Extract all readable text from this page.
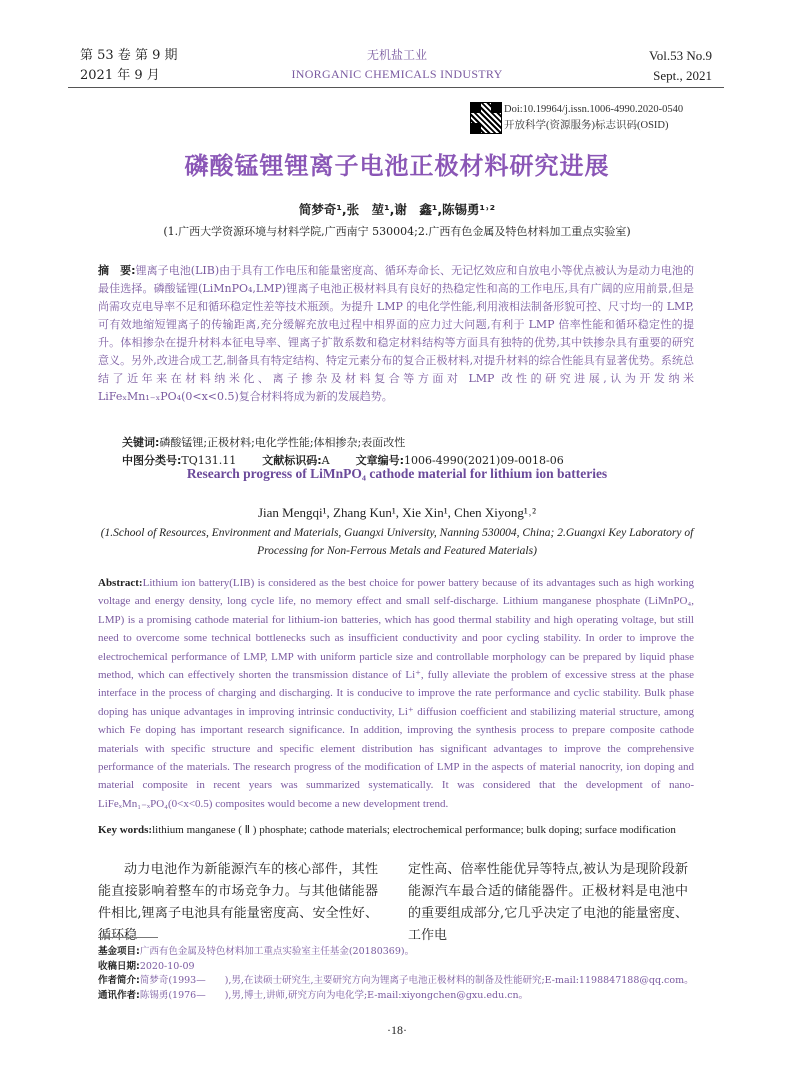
第 53 卷 第 9 期
2021 年 9 月
无机盐工业
INORGANIC CHEMICALS INDUSTRY
Vol.53 No.9
Sept., 2021
Doi:10.19964/j.issn.1006-4990.2020-0540
开放科学(资源服务)标志识码(OSID)
磷酸锰锂锂离子电池正极材料研究进展
简梦奇¹,张　堃¹,谢　鑫¹,陈锡勇¹˒²
(1.广西大学资源环境与材料学院,广西南宁 530004;2.广西有色金属及特色材料加工重点实验室)
摘　要:锂离子电池(LIB)由于具有工作电压和能量密度高、循环寿命长、无记忆效应和自放电小等优点被认为是动力电池的最佳选择。磷酸锰锂(LiMnPO₄,LMP)锂离子电池正极材料具有良好的热稳定性和高的工作电压,具有广阔的应用前景,但是尚需攻克电导率不足和循环稳定性差等技术瓶颈。为提升 LMP 的电化学性能,利用液相法制备形貌可控、尺寸均一的 LMP,可有效地缩短锂离子的传输距离,充分缓解充放电过程中相界面的应力过大问题,有利于 LMP 倍率性能和循环稳定性的提升。体相掺杂在提升材料本征电导率、锂离子扩散系数和稳定材料结构等方面具有独特的优势,其中铁掺杂具有重要的研究意义。另外,改进合成工艺,制备具有特定结构、特定元素分布的复合正极材料,对提升材料的综合性能具有显著优势。系统总结了近年来在材料纳米化、离子掺杂及材料复合等方面对 LMP 改性的研究进展,认为开发纳米 LiFeₓMn₁₋ₓPO₄(0<x<0.5)复合材料将成为新的发展趋势。
关键词:磷酸锰锂;正极材料;电化学性能;体相掺杂;表面改性
中图分类号:TQ131.11 文献标识码:A 文章编号:1006-4990(2021)09-0018-06
Research progress of LiMnPO₄ cathode material for lithium ion batteries
Jian Mengqi¹, Zhang Kun¹, Xie Xin¹, Chen Xiyong¹˒²
(1.School of Resources, Environment and Materials, Guangxi University, Nanning 530004, China; 2.Guangxi Key Laboratory of Processing for Non-Ferrous Metals and Featured Materials)
Abstract:Lithium ion battery(LIB) is considered as the best choice for power battery because of its advantages such as high working voltage and energy density, long cycle life, no memory effect and small self-discharge. Lithium manganese phosphate (LiMnPO₄, LMP) is a promising cathode material for lithium-ion batteries, which has good thermal stability and high operating voltage, but still need to overcome some technical bottlenecks such as insufficient conductivity and poor cycling stability. In order to improve the electrochemical performance of LMP, LMP with uniform particle size and controllable morphology can be prepared by liquid phase method, which can effectively shorten the transmission distance of Li⁺, fully alleviate the problem of excessive stress at the phase interface in the process of charging and discharging. It is conducive to improve the rate performance and cyclic stability. Bulk phase doping has unique advantages in improving intrinsic conductivity, Li⁺ diffusion coefficient and stabilizing material structure, among which Fe doping has important research significance. In addition, improving the synthesis process to prepare composite cathode materials with specific structure and specific element distribution has significant advantages to improve the comprehensive performance of the materials. The research progress of the modification of LMP in the aspects of material nanocrity, ion doping and material composite in recent years was summarized systematically. It was considered that the development of nano-LiFeₓMn₁₋ₓPO₄(0<x<0.5) composites would become a new development trend.
Key words:lithium manganese ( Ⅱ ) phosphate; cathode materials; electrochemical performance; bulk doping; surface modification
动力电池作为新能源汽车的核心部件，其性能直接影响着整车的市场竞争力。与其他储能器件相比,锂离子电池具有能量密度高、安全性好、循环稳
定性高、倍率性能优异等特点,被认为是现阶段新能源汽车最合适的储能器件。正极材料是电池中的重要组成部分,它几乎决定了电池的能量密度、工作电
基金项目:广西有色金属及特色材料加工重点实验室主任基金(20180369)。
收稿日期:2020-10-09
作者简介:简梦奇(1993—　　),男,在读硕士研究生,主要研究方向为锂离子电池正极材料的制备及性能研究;E-mail:1198847188@qq.com。
通讯作者:陈锡勇(1976—　　),男,博士,讲师,研究方向为电化学;E-mail:xiyongchen@gxu.edu.cn。
·18·
